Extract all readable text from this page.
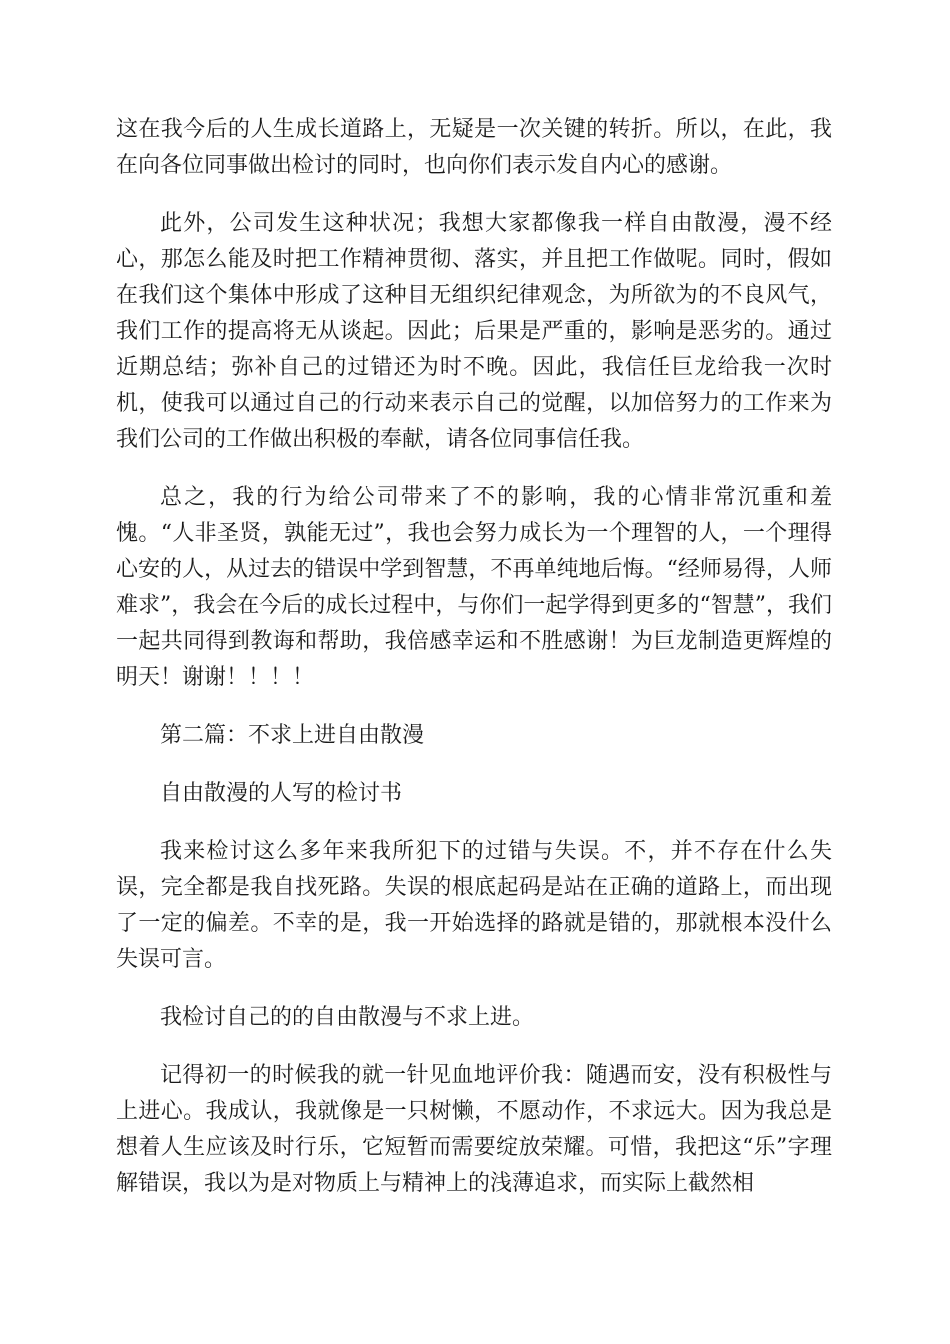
这在我今后的人生成长道路上，无疑是一次关键的转折。所以，在此，我在向各位同事做出检讨的同时，也向你们表示发自内心的感谢。

此外，公司发生这种状况；我想大家都像我一样自由散漫，漫不经心，那怎么能及时把工作精神贯彻、落实，并且把工作做呢。同时，假如在我们这个集体中形成了这种目无组织纪律观念，为所欲为的不良风气，我们工作的提高将无从谈起。因此；后果是严重的，影响是恶劣的。通过近期总结；弥补自己的过错还为时不晚。因此，我信任巨龙给我一次时机，使我可以通过自己的行动来表示自己的觉醒，以加倍努力的工作来为我们公司的工作做出积极的奉献，请各位同事信任我。

总之，我的行为给公司带来了不的影响，我的心情非常沉重和羞愧。“人非圣贤，孰能无过”，我也会努力成长为一个理智的人，一个理得心安的人，从过去的错误中学到智慧，不再单纯地后悔。“经师易得，人师难求”，我会在今后的成长过程中，与你们一起学得到更多的“智慧”，我们一起共同得到教诲和帮助，我倍感幸运和不胜感谢！为巨龙制造更辉煌的明天！谢谢！！！！

第二篇：不求上进自由散漫

自由散漫的人写的检讨书

我来检讨这么多年来我所犯下的过错与失误。不，并不存在什么失误，完全都是我自找死路。失误的根底起码是站在正确的道路上，而出现了一定的偏差。不幸的是，我一开始选择的路就是错的，那就根本没什么失误可言。

我检讨自己的的自由散漫与不求上进。

记得初一的时候我的就一针见血地评价我：随遇而安，没有积极性与上进心。我成认，我就像是一只树懒，不愿动作，不求远大。因为我总是想着人生应该及时行乐，它短暂而需要绽放荣耀。可惜，我把这“乐”字理解错误，我以为是对物质上与精神上的浅薄追求，而实际上截然相
